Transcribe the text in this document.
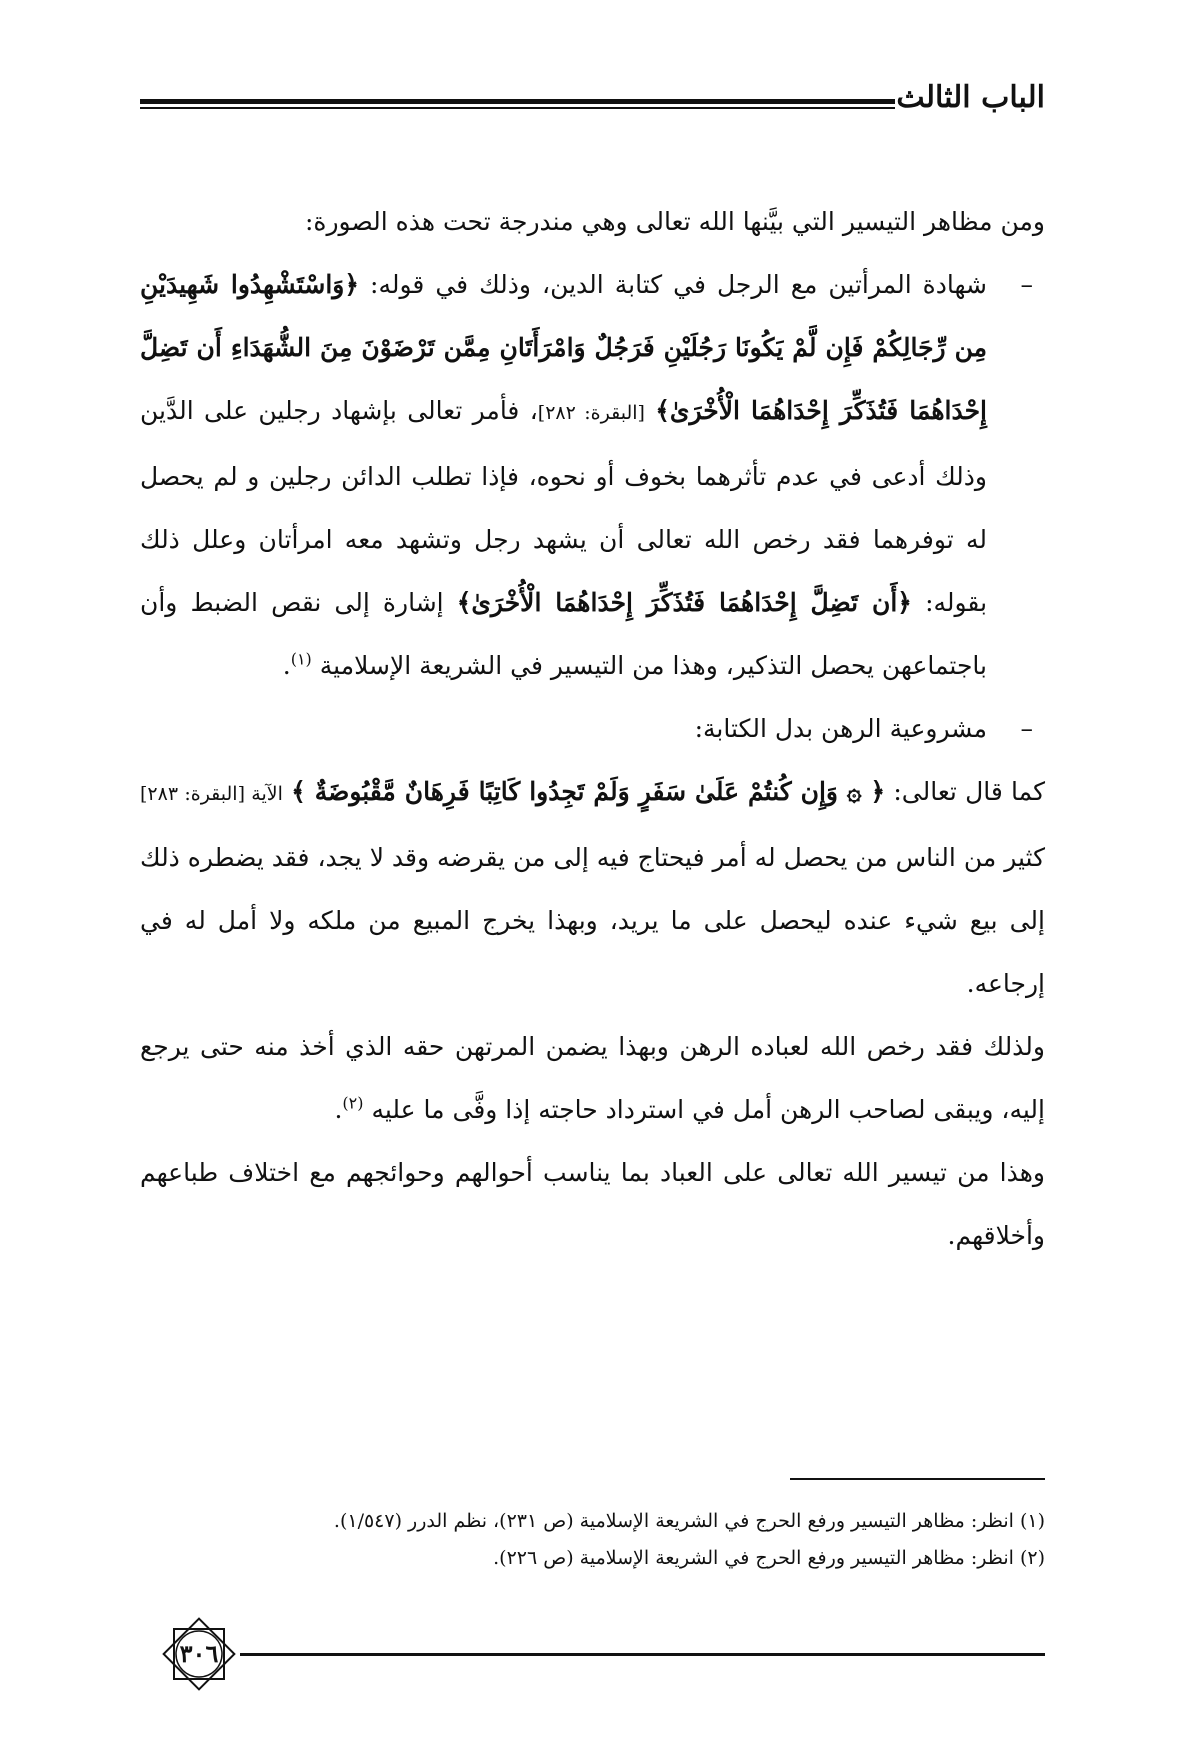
الباب الثالث

ومن مظاهر التيسير التي بيَّنها الله تعالى وهي مندرجة تحت هذه الصورة:

–
شهادة المرأتين مع الرجل في كتابة الدين، وذلك في قوله: ﴿وَاسْتَشْهِدُوا شَهِيدَيْنِ مِن رِّجَالِكُمْ فَإِن لَّمْ يَكُونَا رَجُلَيْنِ فَرَجُلٌ وَامْرَأَتَانِ مِمَّن تَرْضَوْنَ مِنَ الشُّهَدَاءِ أَن تَضِلَّ إِحْدَاهُمَا فَتُذَكِّرَ إِحْدَاهُمَا الْأُخْرَىٰ﴾ [البقرة: ٢٨٢]، فأمر تعالى بإشهاد رجلين على الدَّين وذلك أدعى في عدم تأثرهما بخوف أو نحوه، فإذا تطلب الدائن رجلين و لم يحصل له توفرهما فقد رخص الله تعالى أن يشهد رجل وتشهد معه امرأتان وعلل ذلك بقوله: ﴿أَن تَضِلَّ إِحْدَاهُمَا فَتُذَكِّرَ إِحْدَاهُمَا الْأُخْرَىٰ﴾ إشارة إلى نقص الضبط وأن باجتماعهن يحصل التذكير، وهذا من التيسير في الشريعة الإسلامية $^{(١)}$.

–
مشروعية الرهن بدل الكتابة:

كما قال تعالى: ﴿ ۞ وَإِن كُنتُمْ عَلَىٰ سَفَرٍ وَلَمْ تَجِدُوا كَاتِبًا فَرِهَانٌ مَّقْبُوضَةٌ ﴾ الآية [البقرة: ٢٨٣] كثير من الناس من يحصل له أمر فيحتاج فيه إلى من يقرضه وقد لا يجد، فقد يضطره ذلك إلى بيع شيء عنده ليحصل على ما يريد، وبهذا يخرج المبيع من ملكه ولا أمل له في إرجاعه.

ولذلك فقد رخص الله لعباده الرهن وبهذا يضمن المرتهن حقه الذي أخذ منه حتى يرجع إليه، ويبقى لصاحب الرهن أمل في استرداد حاجته إذا وفَّى ما عليه $^{(٢)}$.

وهذا من تيسير الله تعالى على العباد بما يناسب أحوالهم وحوائجهم مع اختلاف طباعهم وأخلاقهم.

(١) انظر: مظاهر التيسير ورفع الحرج في الشريعة الإسلامية (ص ٢٣١)، نظم الدرر (١/٥٤٧).

(٢) انظر: مظاهر التيسير ورفع الحرج في الشريعة الإسلامية (ص ٢٢٦).

٣٠٦
